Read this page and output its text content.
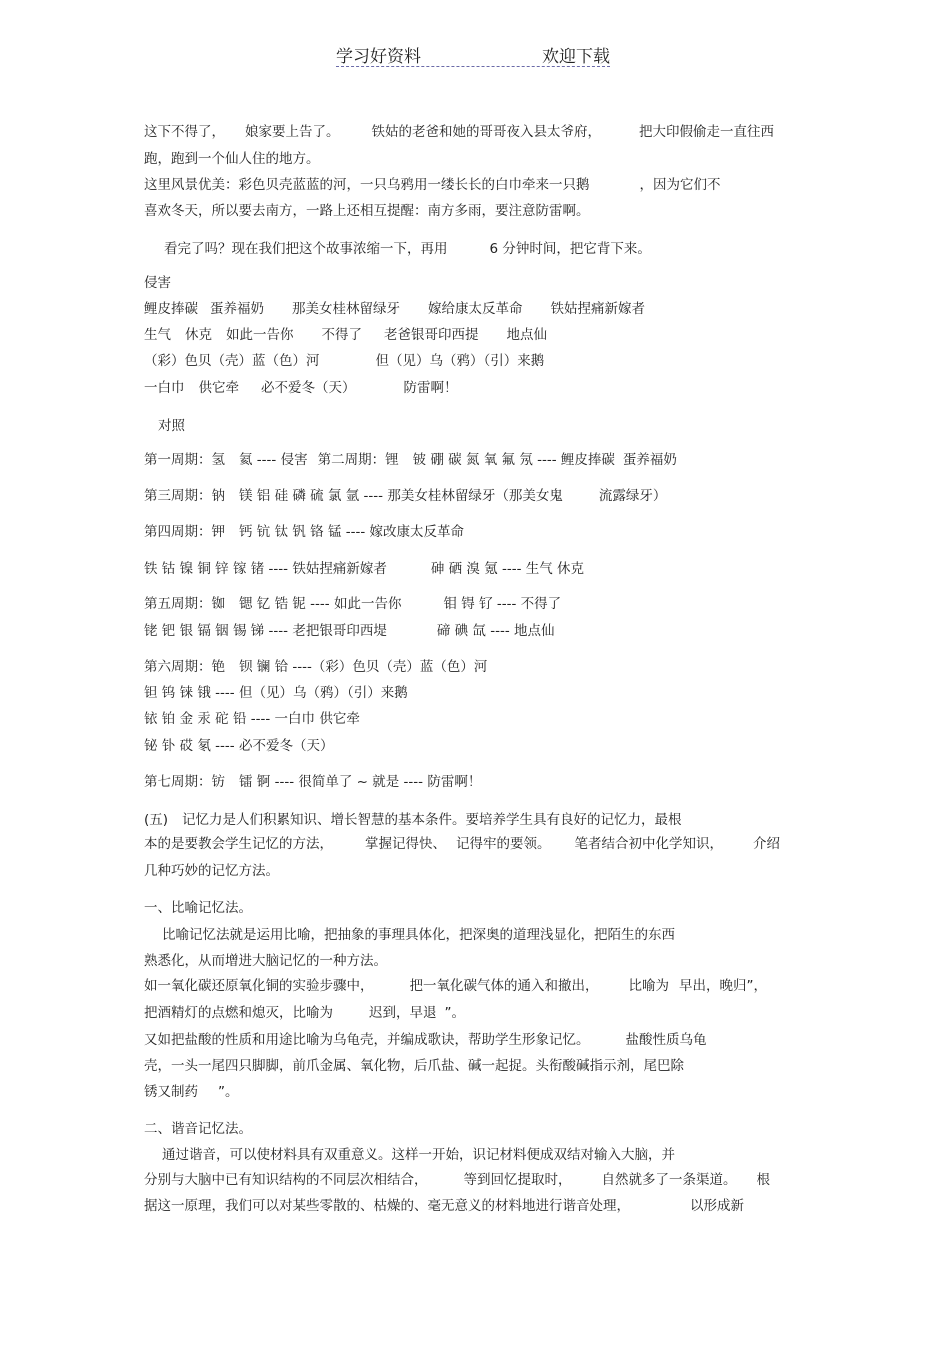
学习好资料	欢迎下载
这下不得了， 娘家要上告了。 铁姑的老爸和她的哥哥夜入县太爷府，	把大印假偷走一直往西
跑，跑到一个仙人住的地方。
这里风景优美：彩色贝壳蓝蓝的河，一只乌鸦用一缕长长的白巾牵来一只鹅	，因为它们不
喜欢冬天，所以要去南方，一路上还相互提醒：南方多雨，要注意防雷啊。
看完了吗？现在我们把这个故事浓缩一下，再用	6 分钟时间，把它背下来。
侵害
鲤皮捧碳 蛋养福奶 那美女桂林留绿牙 嫁给康太反革命 铁姑捏痛新嫁者
生气 休克 如此一告你 不得了 老爸银哥印西提 地点仙
（彩）色贝（壳）蓝（色）河	但（见）乌（鸦）（引）来鹅
一白巾 供它牵 必不爱冬（天）	防雷啊！
对照
第一周期：氢 氦 ---- 侵害 第二周期：锂 铍 硼 碳 氮 氧 氟 氖 ---- 鲤皮捧碳 蛋养福奶
第三周期：钠 镁 铝 硅 磷 硫 氯 氩 ---- 那美女桂林留绿牙（那美女鬼	流露绿牙）
第四周期：钾 钙 钪 钛 钒 铬 锰 ---- 嫁改康太反革命
铁 钴 镍 铜 锌 镓 锗 ---- 铁姑捏痛新嫁者	砷 硒 溴 氪 ---- 生气 休克
第五周期：铷 锶 钇 锆 铌 ---- 如此一告你	钼 锝 钌 ---- 不得了
铑 钯 银 镉 铟 锡 锑 ---- 老把银哥印西堤	碲 碘 氙 ---- 地点仙
第六周期：铯 钡 镧 铪 ----（彩）色贝（壳）蓝（色）河
钽 钨 铼 锇 ---- 但（见）乌（鸦）（引）来鹅
铱 铂 金 汞 砣 铅 ---- 一白巾 供它牵
铋 钋 砹 氡 ---- 必不爱冬（天）
第七周期：钫 镭 锕 ---- 很简单了 ~ 就是 ---- 防雷啊！
(五) 记忆力是人们积累知识、增长智慧的基本条件。要培养学生具有良好的记忆力，最根
本的是要教会学生记忆的方法， 掌握记得快、 记得牢的要领。 笔者结合初中化学知识， 介绍
几种巧妙的记忆方法。
一、比喻记忆法。
比喻记忆法就是运用比喻，把抽象的事理具体化，把深奥的道理浅显化，把陌生的东西
熟悉化，从而增进大脑记忆的一种方法。
如一氧化碳还原氧化铜的实验步骤中，	把一氧化碳气体的通入和撤出， 比喻为 早出，晚归”，
把酒精灯的点燃和熄灭，比喻为	迟到，早退 ”。
又如把盐酸的性质和用途比喻为乌龟壳，并编成歌诀，帮助学生形象记忆。	盐酸性质乌龟
壳，一头一尾四只脚脚，前爪金属、氧化物，后爪盐、碱一起捉。头衔酸碱指示剂，尾巴除
锈又制药 ”。
二、谐音记忆法。
通过谐音，可以使材料具有双重意义。这样一开始，识记材料便成双结对输入大脑，并
分别与大脑中已有知识结构的不同层次相结合，	等到回忆提取时， 自然就多了一条渠道。 根
据这一原理，我们可以对某些零散的、枯燥的、毫无意义的材料地进行谐音处理，	以形成新
